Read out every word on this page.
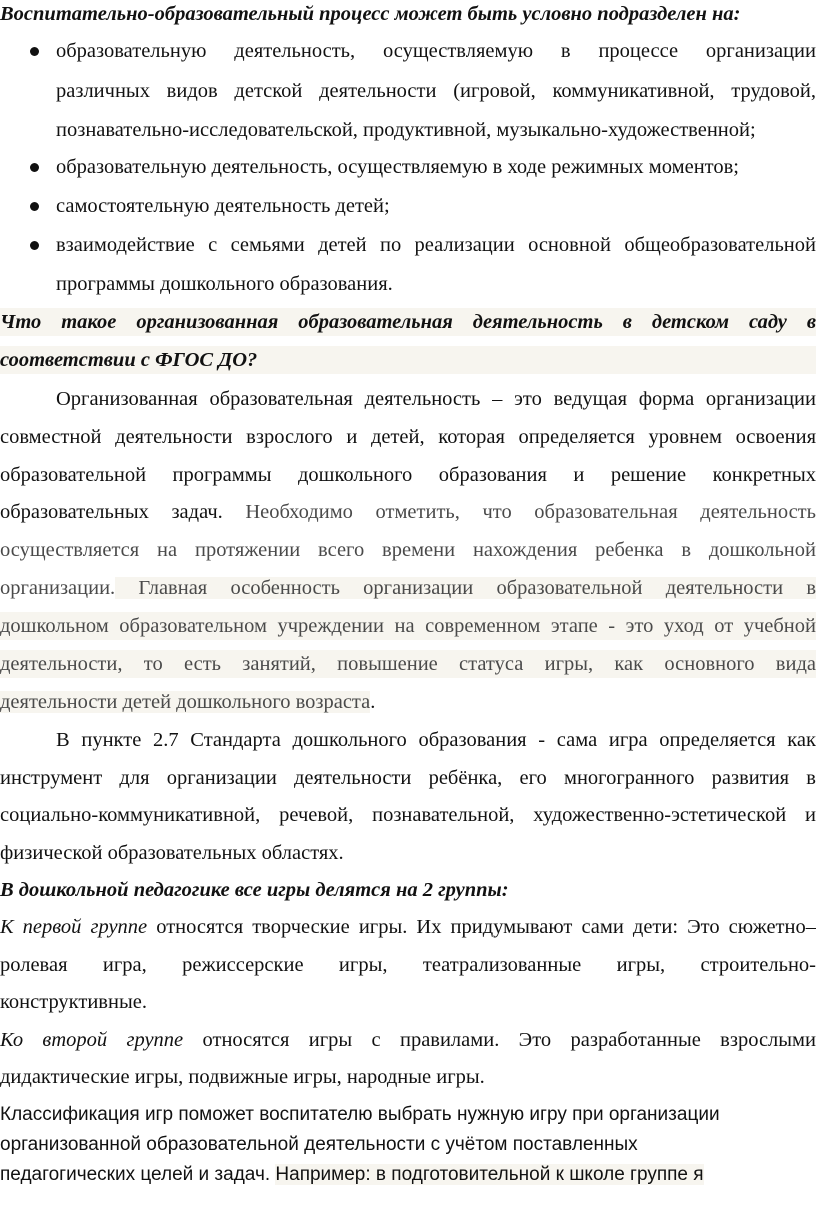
Воспитательно-образовательный процесс может быть условно подразделен на:
образовательную деятельность, осуществляемую в процессе организации
различных видов детской деятельности (игровой, коммуникативной, трудовой,
познавательно-исследовательской, продуктивной, музыкально-художественной;
образовательную деятельность, осуществляемую в ходе режимных моментов;
самостоятельную деятельность детей;
взаимодействие с семьями детей по реализации основной общеобразовательной
программы дошкольного образования.
Что такое организованная образовательная деятельность в детском саду в
соответствии с ФГОС ДО?
Организованная образовательная деятельность – это ведущая форма организации
совместной деятельности взрослого и детей, которая определяется уровнем освоения
образовательной программы дошкольного образования и решение конкретных
образовательных задач. Необходимо отметить, что образовательная деятельность
осуществляется на протяжении всего времени нахождения ребенка в дошкольной
организации. Главная особенность организации образовательной деятельности в
дошкольном образовательном учреждении на современном этапе - это уход от учебной
деятельности, то есть занятий, повышение статуса игры, как основного вида
деятельности детей дошкольного возраста.
В пункте 2.7 Стандарта дошкольного образования - сама игра определяется как
инструмент для организации деятельности ребёнка, его многогранного развития в
социально-коммуникативной, речевой, познавательной, художественно-эстетической и
физической образовательных областях.
В дошкольной педагогике все игры делятся на 2 группы:
К первой группе относятся творческие игры. Их придумывают сами дети: Это сюжетно–
ролевая игра, режиссерские игры, театрализованные игры, строительно-
конструктивные.
Ко второй группе относятся игры с правилами. Это разработанные взрослыми
дидактические игры, подвижные игры, народные игры.
Классификация игр поможет воспитателю выбрать нужную игру при организации
организованной образовательной деятельности с учётом поставленных
педагогических целей и задач. Например: в подготовительной к школе группе я
